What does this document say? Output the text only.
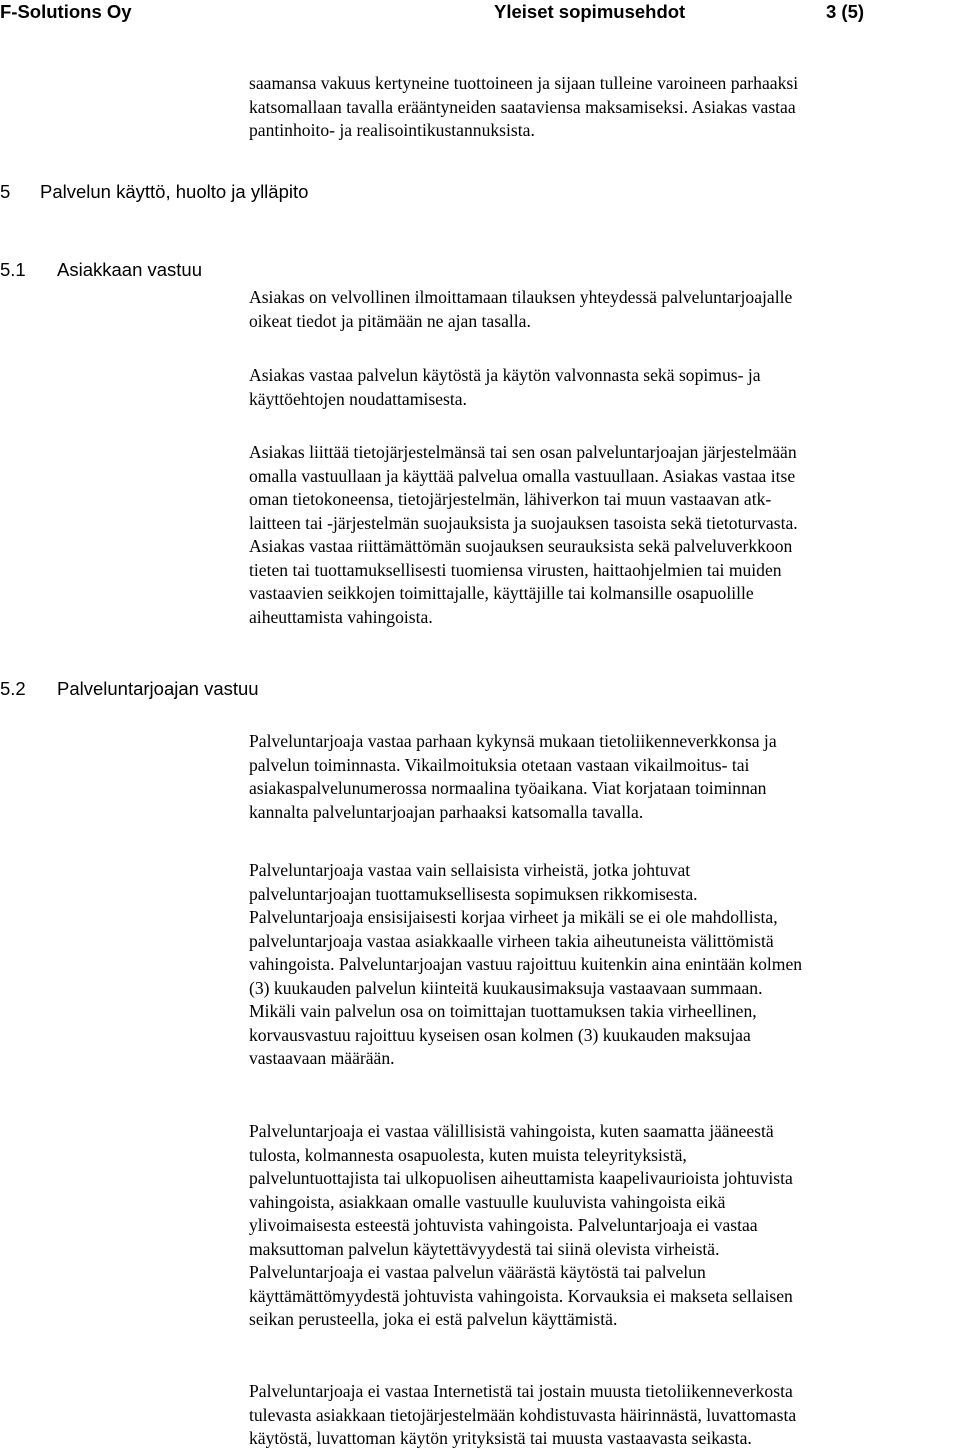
F-Solutions Oy	Yleiset sopimusehdot	3 (5)
5 Palvelun käyttö, huolto ja ylläpito
5.1 Asiakkaan vastuu
5.2 Palveluntarjoajan vastuu

saamansa vakuus kertyneine tuottoineen ja sijaan tulleine varoineen parhaaksi
katsomallaan tavalla erääntyneiden saataviensa maksamiseksi. Asiakas vastaa
pantinhoito- ja realisointikustannuksista.

Asiakas on velvollinen ilmoittamaan tilauksen yhteydessä palveluntarjoajalle
oikeat tiedot ja pitämään ne ajan tasalla.

Asiakas vastaa palvelun käytöstä ja käytön valvonnasta sekä sopimus- ja
käyttöehtojen noudattamisesta.

Asiakas liittää tietojärjestelmänsä tai sen osan palveluntarjoajan järjestelmään
omalla vastuullaan ja käyttää palvelua omalla vastuullaan. Asiakas vastaa itse
oman tietokoneensa, tietojärjestelmän, lähiverkon tai muun vastaavan atk-
laitteen tai -järjestelmän suojauksista ja suojauksen tasoista sekä tietoturvasta.
Asiakas vastaa riittämättömän suojauksen seurauksista sekä palveluverkkoon
tieten tai tuottamuksellisesti tuomiensa virusten, haittaohjelmien tai muiden
vastaavien seikkojen toimittajalle, käyttäjille tai kolmansille osapuolille
aiheuttamista vahingoista.

Palveluntarjoaja vastaa parhaan kykynsä mukaan tietoliikenneverkkonsa ja
palvelun toiminnasta. Vikailmoituksia otetaan vastaan vikailmoitus- tai
asiakaspalvelunumerossa normaalina työaikana. Viat korjataan toiminnan
kannalta palveluntarjoajan parhaaksi katsomalla tavalla.

Palveluntarjoaja vastaa vain sellaisista virheistä, jotka johtuvat
palveluntarjoajan tuottamuksellisesta sopimuksen rikkomisesta.
Palveluntarjoaja ensisijaisesti korjaa virheet ja mikäli se ei ole mahdollista,
palveluntarjoaja vastaa asiakkaalle virheen takia aiheutuneista välittömistä
vahingoista. Palveluntarjoajan vastuu rajoittuu kuitenkin aina enintään kolmen
(3) kuukauden palvelun kiinteitä kuukausimaksuja vastaavaan summaan.
Mikäli vain palvelun osa on toimittajan tuottamuksen takia virheellinen,
korvausvastuu rajoittuu kyseisen osan kolmen (3) kuukauden maksujaa
vastaavaan määrään.

Palveluntarjoaja ei vastaa välillisistä vahingoista, kuten saamatta jääneestä
tulosta, kolmannesta osapuolesta, kuten muista teleyrityksistä,
palveluntuottajista tai ulkopuolisen aiheuttamista kaapelivaurioista johtuvista
vahingoista, asiakkaan omalle vastuulle kuuluvista vahingoista eikä
ylivoimaisesta esteestä johtuvista vahingoista. Palveluntarjoaja ei vastaa
maksuttoman palvelun käytettävyydestä tai siinä olevista virheistä.
Palveluntarjoaja ei vastaa palvelun väärästä käytöstä tai palvelun
käyttämättömyydestä johtuvista vahingoista. Korvauksia ei makseta sellaisen
seikan perusteella, joka ei estä palvelun käyttämistä.

Palveluntarjoaja ei vastaa Internetistä tai jostain muusta tietoliikenneverkosta
tulevasta asiakkaan tietojärjestelmään kohdistuvasta häirinnästä, luvattomasta
käytöstä, luvattoman käytön yrityksistä tai muusta vastaavasta seikasta.
